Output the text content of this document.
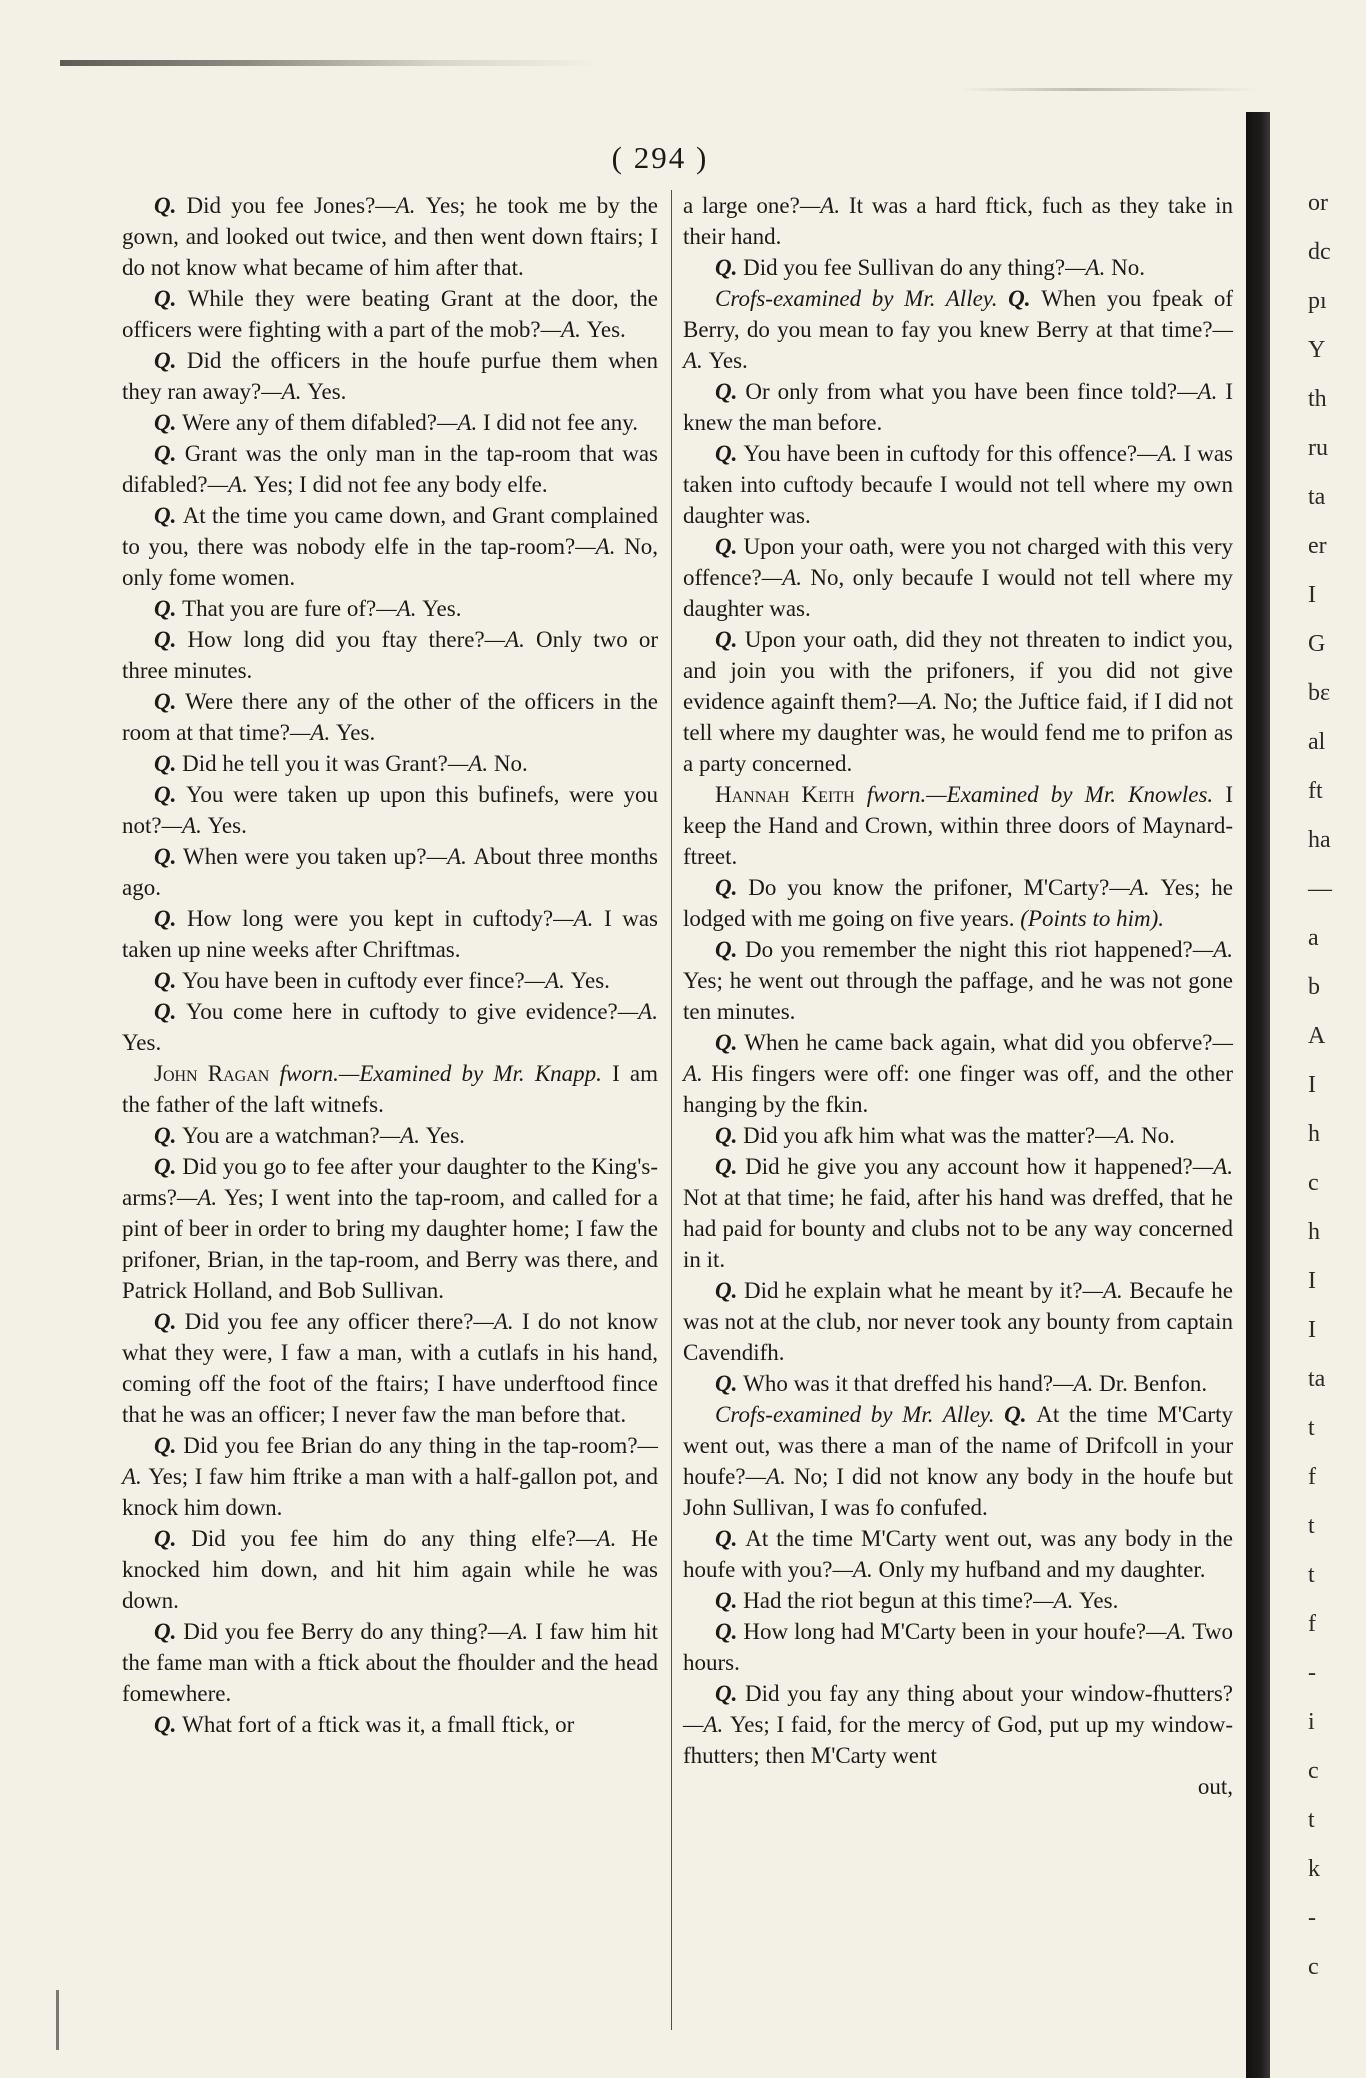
( 294 )

Q. Did you fee Jones?—A. Yes; he took me by the gown, and looked out twice, and then went down ftairs; I do not know what became of him after that.

Q. While they were beating Grant at the door, the officers were fighting with a part of the mob?—A. Yes.

Q. Did the officers in the houfe purfue them when they ran away?—A. Yes.

Q. Were any of them difabled?—A. I did not fee any.

Q. Grant was the only man in the tap-room that was difabled?—A. Yes; I did not fee any body elfe.

Q. At the time you came down, and Grant complained to you, there was nobody elfe in the tap-room?—A. No, only fome women.

Q. That you are fure of?—A. Yes.

Q. How long did you ftay there?—A. Only two or three minutes.

Q. Were there any of the other of the officers in the room at that time?—A. Yes.

Q. Did he tell you it was Grant?—A. No.

Q. You were taken up upon this bufinefs, were you not?—A. Yes.

Q. When were you taken up?—A. About three months ago.

Q. How long were you kept in cuftody?—A. I was taken up nine weeks after Chriftmas.

Q. You have been in cuftody ever fince?—A. Yes.

Q. You come here in cuftody to give evidence?—A. Yes.

John Ragan fworn.—Examined by Mr. Knapp. I am the father of the laft witnefs.

Q. You are a watchman?—A. Yes.

Q. Did you go to fee after your daughter to the King's-arms?—A. Yes; I went into the tap-room, and called for a pint of beer in order to bring my daughter home; I faw the prifoner, Brian, in the tap-room, and Berry was there, and Patrick Holland, and Bob Sullivan.

Q. Did you fee any officer there?—A. I do not know what they were, I faw a man, with a cutlafs in his hand, coming off the foot of the ftairs; I have underftood fince that he was an officer; I never faw the man before that.

Q. Did you fee Brian do any thing in the tap-room?—A. Yes; I faw him ftrike a man with a half-gallon pot, and knock him down.

Q. Did you fee him do any thing elfe?—A. He knocked him down, and hit him again while he was down.

Q. Did you fee Berry do any thing?—A. I faw him hit the fame man with a ftick about the fhoulder and the head fomewhere.

Q. What fort of a ftick was it, a fmall ftick, or

a large one?—A. It was a hard ftick, fuch as they take in their hand.

Q. Did you fee Sullivan do any thing?—A. No.

Crofs-examined by Mr. Alley. Q. When you fpeak of Berry, do you mean to fay you knew Berry at that time?—A. Yes.

Q. Or only from what you have been fince told?—A. I knew the man before.

Q. You have been in cuftody for this offence?—A. I was taken into cuftody becaufe I would not tell where my own daughter was.

Q. Upon your oath, were you not charged with this very offence?—A. No, only becaufe I would not tell where my daughter was.

Q. Upon your oath, did they not threaten to indict you, and join you with the prifoners, if you did not give evidence againft them?—A. No; the Juftice faid, if I did not tell where my daughter was, he would fend me to prifon as a party concerned.

Hannah Keith fworn.—Examined by Mr. Knowles. I keep the Hand and Crown, within three doors of Maynard-ftreet.

Q. Do you know the prifoner, M'Carty?—A. Yes; he lodged with me going on five years. (Points to him).

Q. Do you remember the night this riot happened?—A. Yes; he went out through the paffage, and he was not gone ten minutes.

Q. When he came back again, what did you obferve?—A. His fingers were off: one finger was off, and the other hanging by the fkin.

Q. Did you afk him what was the matter?—A. No.

Q. Did he give you any account how it happened?—A. Not at that time; he faid, after his hand was dreffed, that he had paid for bounty and clubs not to be any way concerned in it.

Q. Did he explain what he meant by it?—A. Becaufe he was not at the club, nor never took any bounty from captain Cavendifh.

Q. Who was it that dreffed his hand?—A. Dr. Benfon.

Crofs-examined by Mr. Alley. Q. At the time M'Carty went out, was there a man of the name of Drifcoll in your houfe?—A. No; I did not know any body in the houfe but John Sullivan, I was fo confufed.

Q. At the time M'Carty went out, was any body in the houfe with you?—A. Only my hufband and my daughter.

Q. Had the riot begun at this time?—A. Yes.

Q. How long had M'Carty been in your houfe?—A. Two hours.

Q. Did you fay any thing about your window-fhutters?—A. Yes; I faid, for the mercy of God, put up my window-fhutters; then M'Carty went

out,

or
dc
pı
Y
th
ru
ta
er
I
G
bε
al
ft
ha
—
a
b
A
I
h
c
h
I
I
ta
t
f
t
t
f
-
i
c
t
k
-
c
